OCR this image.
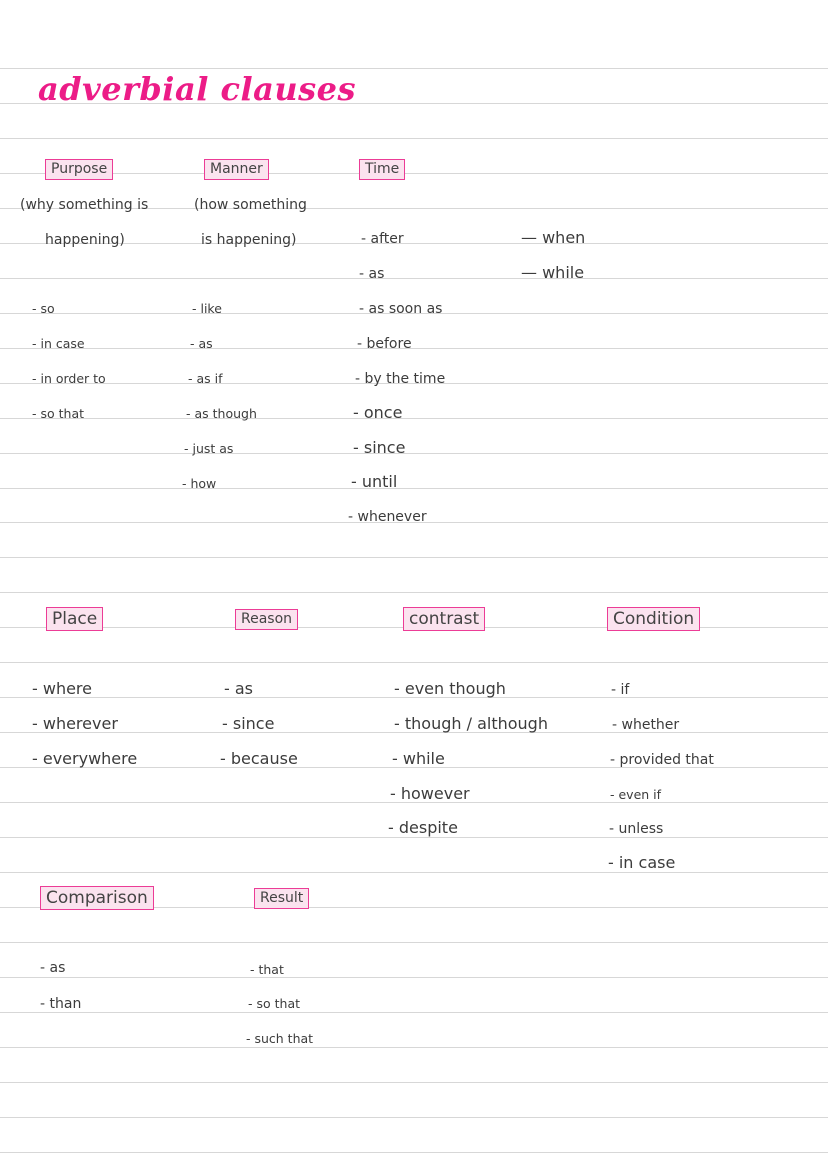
adverbial clauses
Purpose
(why something is
happening)
- so
- in case
- in order to
- so that
Manner
(how something
is happening)
- like
- as
- as if
- as though
- just as
- how
Time
- after
- as
- as soon as
- before
- by the time
- once
- since
- until
- whenever
— when
— while
Place
- where
- wherever
- everywhere
Reason
- as
- since
- because
contrast
- even though
- though / although
- while
- however
- despite
Condition
- if
- whether
- provided that
- even if
- unless
- in case
Comparison
- as
- than
Result
- that
- so that
- such that
